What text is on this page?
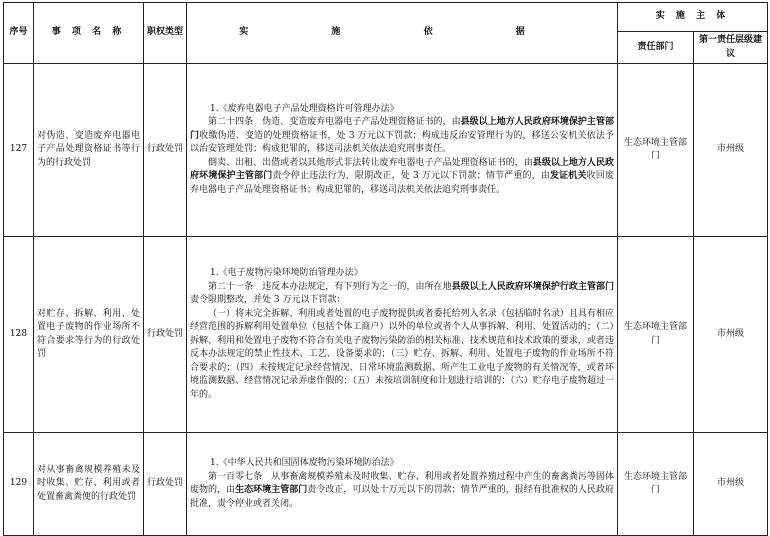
序号	事 项 名 称	职权类型	实 施 依 据	实 施 主 体	
				责任部门	第一责任层级建议
127	对伪造、变造废弃电器电子产品处理资格证书等行为的行政处罚	行政处罚	1.《废弃电器电子产品处理资格许可管理办法》

第二十四条　伪造、变造废弃电器电子产品处理资格证书的，由县级以上地方人民政府环境保护主管部门收缴伪造、变造的处理资格证书，处 3 万元以下罚款；构成违反治安管理行为的，移送公安机关依法予以治安管理处罚；构成犯罪的，移送司法机关依法追究刑事责任。

倒卖、出租、出借或者以其他形式非法转让废弃电器电子产品处理资格证书的，由县级以上地方人民政府环境保护主管部门责令停止违法行为，限期改正，处 3 万元以下罚款；情节严重的，由发证机关收回废弃电器电子产品处理资格证书；构成犯罪的，移送司法机关依法追究刑事责任。	生态环境主管部门	市州级
128	对贮存、拆解、利用、处置电子废物的作业场所不符合要求等行为的行政处罚	行政处罚	1.《电子废物污染环境防治管理办法》

第二十一条　违反本办法规定，有下列行为之一的，由所在地县级以上人民政府环境保护行政主管部门责令限期整改，并处 3 万元以下罚款：

（一）将未完全拆解、利用或者处置的电子废物提供或者委托给列入名录（包括临时名录）且具有相应经营范围的拆解利用处置单位（包括个体工商户）以外的单位或者个人从事拆解、利用、处置活动的；（二）拆解、利用和处置电子废物不符合有关电子废物污染防治的相关标准、技术规范和技术政策的要求，或者违反本办法规定的禁止性技术、工艺、设备要求的；（三）贮存、拆解、利用、处置电子废物的作业场所不符合要求的；（四）未按规定记录经营情况、日常环境监测数据、所产生工业电子废物的有关情况等，或者环境监测数据、经营情况记录弄虚作假的；（五）未按培训制度和计划进行培训的；（六）贮存电子废物超过一年的。	生态环境主管部门	市州级
129	对从事畜禽规模养殖未及时收集、贮存、利用或者处置畜禽粪便的行政处罚	行政处罚	1.《中华人民共和国固体废物污染环境防治法》

第一百零七条　从事畜禽规模养殖未及时收集、贮存、利用或者处置养殖过程中产生的畜禽粪污等固体废物的，由生态环境主管部门责令改正，可以处十万元以下的罚款；情节严重的，报经有批准权的人民政府批准，责令停业或者关闭。	生态环境主管部门	市州级
